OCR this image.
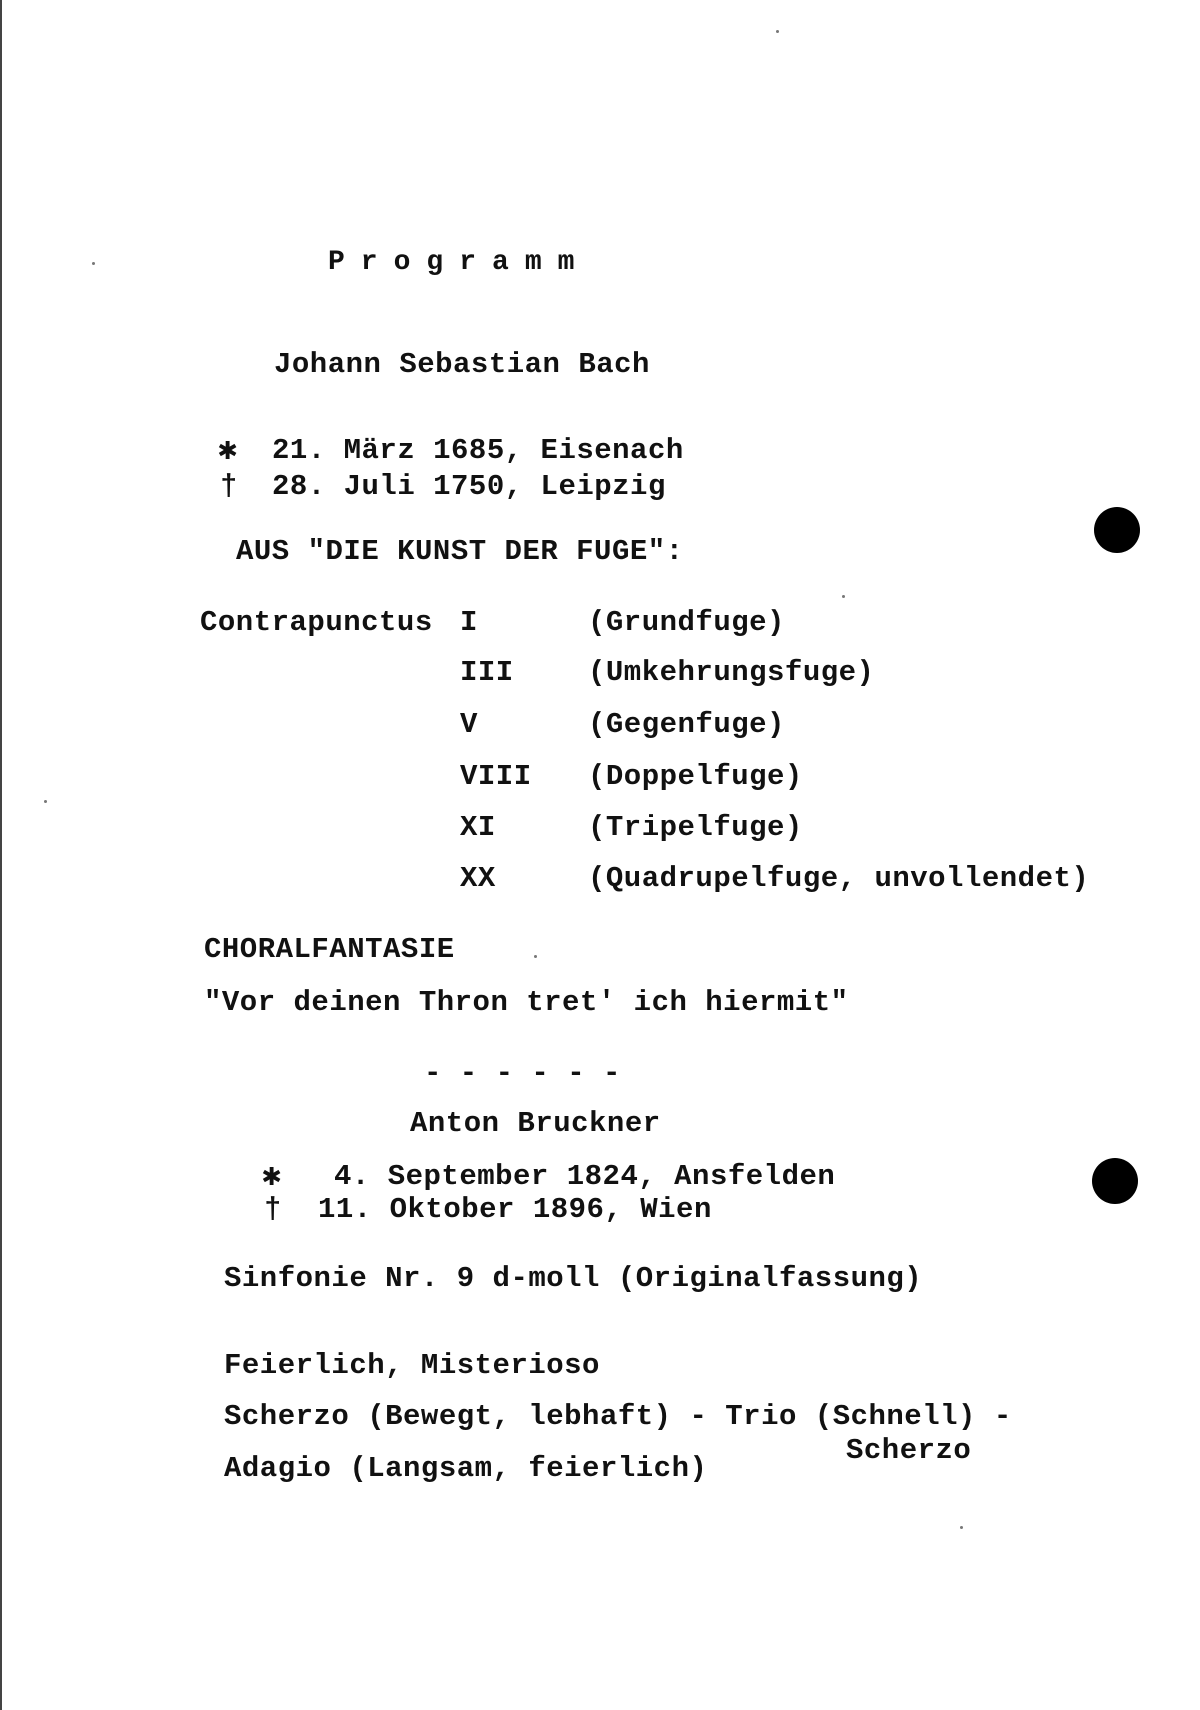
Programm
Johann Sebastian Bach
✱ 21. März 1685, Eisenach
† 28. Juli 1750, Leipzig
AUS "DIE KUNST DER FUGE":
Contrapunctus I	(Grundfuge)
III	(Umkehrungsfuge)
V	(Gegenfuge)
VIII (Doppelfuge)
XI	(Tripelfuge)
XX	(Quadrupelfuge, unvollendet)
CHORALFANTASIE
"Vor deinen Thron tret' ich hiermit"
- - - - - -
Anton Bruckner
✱ 4. September 1824, Ansfelden
† 11. Oktober 1896, Wien
Sinfonie Nr. 9 d-moll (Originalfassung)
Feierlich, Misterioso
Scherzo (Bewegt, lebhaft) - Trio (Schnell) -
Scherzo
Adagio (Langsam, feierlich)
